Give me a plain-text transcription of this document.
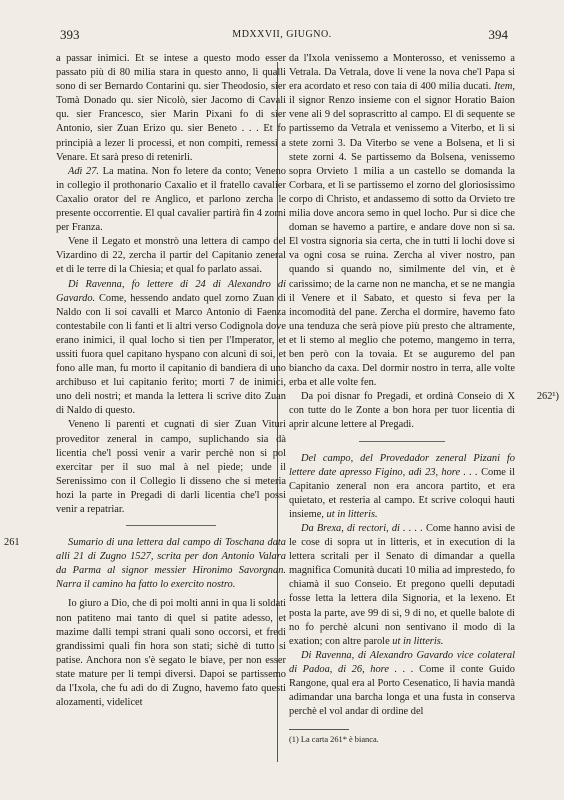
393	MDXXVII, GIUGNO.	394

a passar inimici. Et se intese a questo modo esser passato più di 80 milia stara in questo anno, li qualli sono di ser Bernardo Contarini qu. sier Theodosio, sier Tomà Donado qu. sier Nicolò, sier Jacomo di Cavali qu. sier Francesco, sier Marin Pixani fo di sier Antonio, sier Zuan Erizo qu. sier Beneto . . . Et fo principià a lezer li processi, et non compiti, remessi a Venare. Et sarà preso di retenirli.

Adì 27. La matina. Non fo letere da conto; Veneno in collegio il prothonario Caxalio et il fratello cavalier Caxalio orator del re Anglico, et parlono zercha le presente occorrentie. El qual cavalier partirà fin 4 zorni per Franza.

Vene il Legato et monstrò una lettera di campo del Vizardino di 22, zercha il partir del Capitanio zeneral et di le terre di la Chiesia; et qual fo parlato assai.

Di Ravenna, fo lettere di 24 di Alexandro di Gavardo. Come, hessendo andato quel zorno Zuan di Naldo con li soi cavalli et Marco Antonio di Faenza contestabile con li fanti et li altri verso Codignola dove erano inimici, il qual locho si tien per l'Imperator, et ussiti fuora quel capitano hyspano con alcuni di soi, et fono alle man, fu morto il capitanio di bandiera di uno archibuso et lui capitanio ferito; morti 7 de inimici, uno deli nostri; et manda la lettera li scrive dito Zuan di Naldo di questo.

Veneno li parenti et cugnati di sier Zuan Vituri proveditor zeneral in campo, suplichando sia dà licentia che'l possi venir a varir perchè non si pol exercitar per il suo mal à nel piede; unde il Serenissimo con il Collegio li disseno che si meteria hozi la parte in Pregadi di darli licentia che'l possi venir a repatriar.

261	Sumario di una lettera dal campo di Toschana data alli 21 di Zugno 1527, scrita per don Antonio Valara da Parma al signor messier Hironimo Savorgnan. Narra il camino ha fatto lo exercito nostro.

Io giuro a Dio, che di poi molti anni in qua li soldati non patiteno mai tanto di quel si patite adesso, et mazime dalli tempi strani quali sono occorsi, et fredi grandissimi quali fin hora son stati; sichè di tutto si patise. Anchora non s'è segato le biave, per non esser state mature per li tempi diversi. Dapoi se partissemo da l'Ixola, che fu adì do di Zugno, havemo fato questi alozamenti, videlicet

da l'Ixola venissemo a Monterosso, et venissemo a Vetrala. Da Vetrala, dove li vene la nova che'l Papa si era acordato et reso con taia di 400 milia ducati. Item, il signor Renzo insieme con el signor Horatio Baion vene ali 9 del soprascritto al campo. El dì sequente se partissemo da Vetrala et venissemo a Viterbo, et lì si stete zorni 3. Da Viterbo se vene a Bolsena, et lì si stete zorni 4. Se partissemo da Bolsena, venissemo sopra Orvieto 1 milia a un castello se domanda la Corbara, et lì se partissemo el zorno del gloriosissimo corpo di Christo, et andassemo di sotto da Orvieto tre milia dove ancora semo in quel locho. Pur si dice che doman se havemo a partire, e andare dove non si sa. El vostra signoria sia certa, che in tutti li lochi dove si va ogni cosa se ruina. Zercha al viver nostro, pan quando si quando no, similmente del vin, et è carissimo; de la carne non ne mancha, et se ne mangia il Venere et il Sabato, et questo si feva per la incomodità del pane. Zercha el dormire, havemo fato una tenduza che serà piove più presto che altramente, et li stemo al meglio che potemo, mangemo in terra, ben però con la tovaia. Et se auguremo del pan biancho da caxa. Del dormir nostro in terra, alle volte erba et alle volte fen.

262¹)

Da poi disnar fo Pregadi, et ordinà Conseio di X con tutte do le Zonte a bon hora per tuor licentia di aprir alcune lettere al Pregadi.

Del campo, del Provedador zeneral Pizani fo lettere date apresso Figino, adì 23, hore . . . Come il Capitanio zeneral non era ancora partito, et era quietato, et resteria al campo. Et scrive coloqui hauti insieme, ut in litteris.

Da Brexa, di rectori, di . . . . Come hanno avisi de le cose di sopra ut in litteris, et in execution di la lettera scritali per il Senato di dimandar a quella magnifica Comunità ducati 10 milia ad imprestedo, fo chiamà il suo Conseio. Et pregono quelli deputadi fosse letta la lettera dila Signoria, et la lexeno. Et posta la parte, ave 99 di sì, 9 di no, et quelle balote di no fo perchè alcuni non sentivano il modo di la exation; con altre parole ut in litteris.

Di Ravenna, di Alexandro Gavardo vice colateral di Padoa, di 26, hore . . . Come il conte Guido Rangone, qual era al Porto Cesenatico, li havia mandà adimandar una barcha longa et una fusta in conserva perchè el vol andar di ordine del

(1) La carta 261* è bianca.
